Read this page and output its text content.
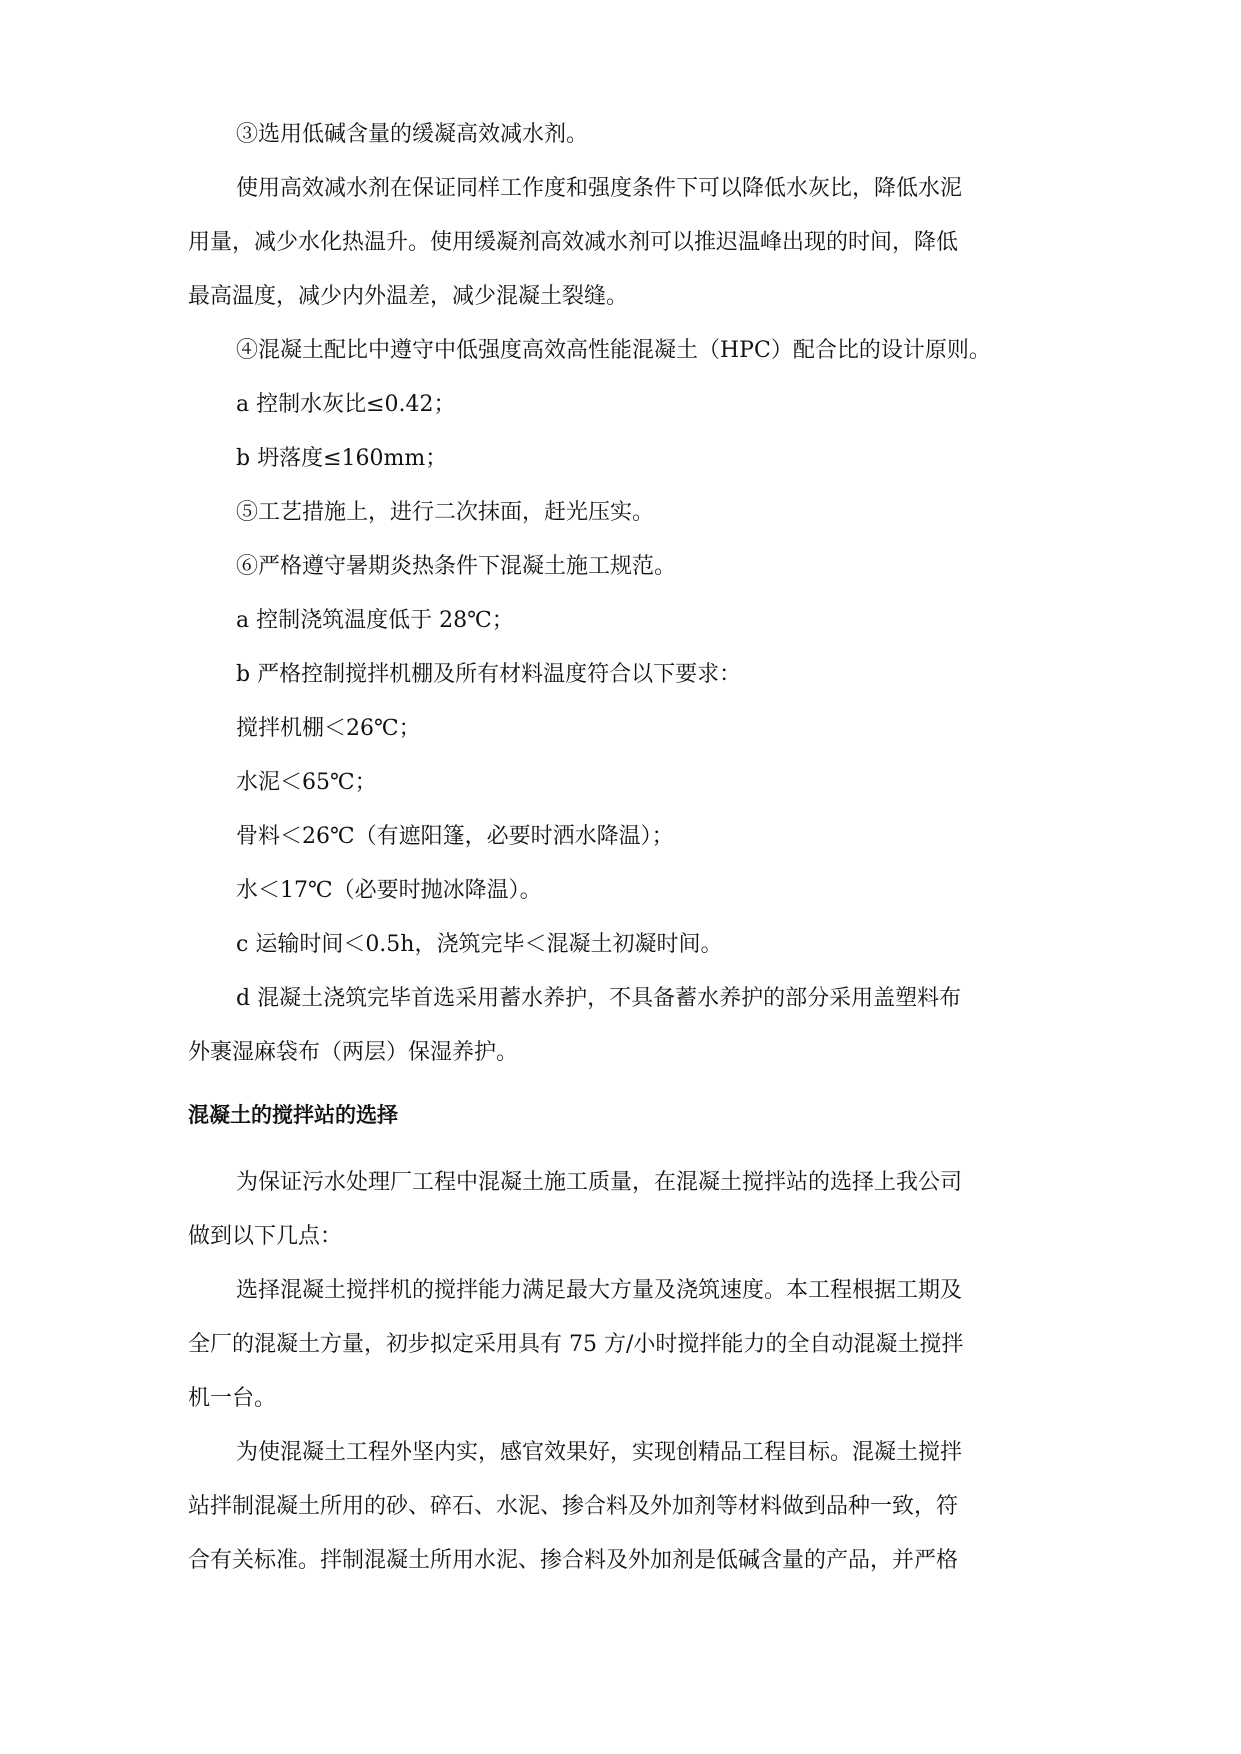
③选用低碱含量的缓凝高效减水剂。
使用高效减水剂在保证同样工作度和强度条件下可以降低水灰比，降低水泥
用量，减少水化热温升。使用缓凝剂高效减水剂可以推迟温峰出现的时间，降低
最高温度，减少内外温差，减少混凝土裂缝。
④混凝土配比中遵守中低强度高效高性能混凝土（HPC）配合比的设计原则。
a 控制水灰比≤0.42；
b 坍落度≤160mm；
⑤工艺措施上，进行二次抹面，赶光压实。
⑥严格遵守暑期炎热条件下混凝土施工规范。
a 控制浇筑温度低于 28℃；
b 严格控制搅拌机棚及所有材料温度符合以下要求：
搅拌机棚＜26℃；
水泥＜65℃；
骨料＜26℃（有遮阳篷，必要时洒水降温）；
水＜17℃（必要时抛冰降温）。
c 运输时间＜0.5h，浇筑完毕＜混凝土初凝时间。
d 混凝土浇筑完毕首选采用蓄水养护，不具备蓄水养护的部分采用盖塑料布
外裹湿麻袋布（两层）保湿养护。
混凝土的搅拌站的选择
为保证污水处理厂工程中混凝土施工质量，在混凝土搅拌站的选择上我公司
做到以下几点：
选择混凝土搅拌机的搅拌能力满足最大方量及浇筑速度。本工程根据工期及
全厂的混凝土方量，初步拟定采用具有 75 方/小时搅拌能力的全自动混凝土搅拌
机一台。
为使混凝土工程外坚内实，感官效果好，实现创精品工程目标。混凝土搅拌
站拌制混凝土所用的砂、碎石、水泥、掺合料及外加剂等材料做到品种一致，符
合有关标准。拌制混凝土所用水泥、掺合料及外加剂是低碱含量的产品，并严格
